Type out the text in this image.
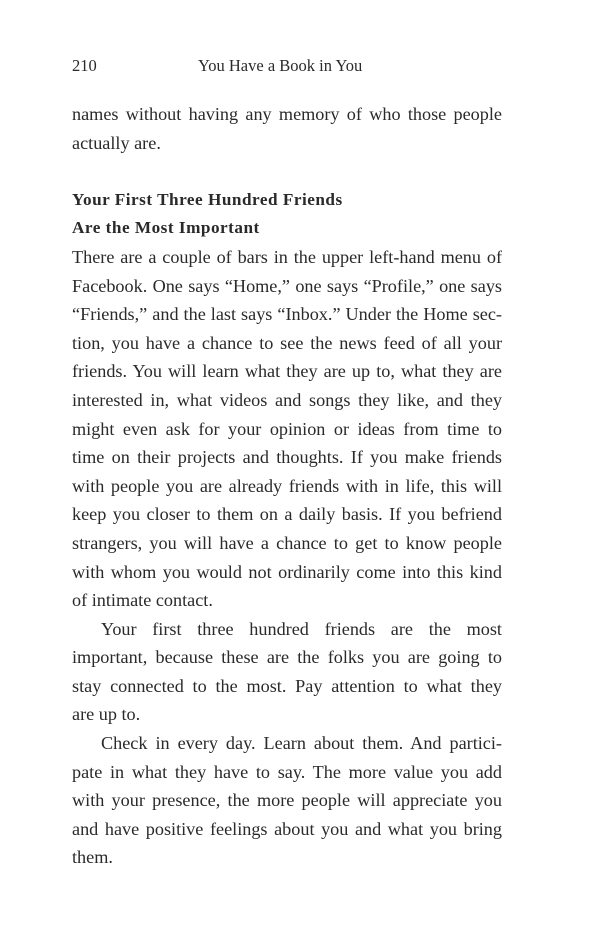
210	You Have a Book in You
names without having any memory of who those people
actually are.
Your First Three Hundred Friends
Are the Most Important
There are a couple of bars in the upper left-hand menu of
Facebook. One says “Home,” one says “Profile,” one says
“Friends,” and the last says “Inbox.” Under the Home sec-
tion, you have a chance to see the news feed of all your
friends. You will learn what they are up to, what they are
interested in, what videos and songs they like, and they
might even ask for your opinion or ideas from time to
time on their projects and thoughts. If you make friends
with people you are already friends with in life, this will
keep you closer to them on a daily basis. If you befriend
strangers, you will have a chance to get to know people
with whom you would not ordinarily come into this kind
of intimate contact.
Your first three hundred friends are the most
important, because these are the folks you are going to
stay connected to the most. Pay attention to what they
are up to.
Check in every day. Learn about them. And partici-
pate in what they have to say. The more value you add
with your presence, the more people will appreciate you
and have positive feelings about you and what you bring
them.
